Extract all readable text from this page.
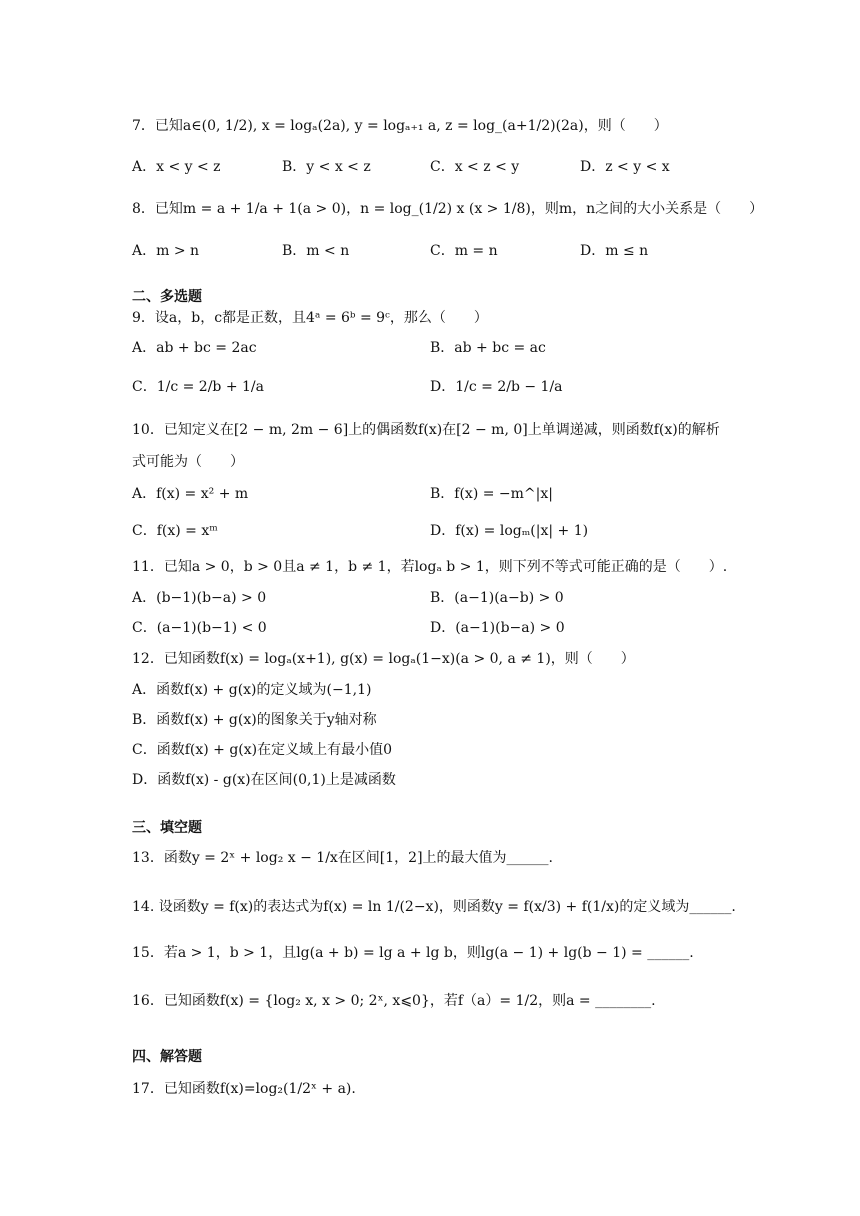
7．已知a∈(0, 1/2), x = logₐ(2a), y = logₐ₊₁ a, z = log_(a+1/2)(2a)，则（　　）
A．x < y < z	B．y < x < z	C．x < z < y	D．z < y < x
8．已知m = a + 1/a + 1(a > 0)，n = log_(1/2) x (x > 1/8)，则m，n之间的大小关系是（　　）
A．m > n	B．m < n	C．m = n	D．m ≤ n
二、多选题
9．设a，b，c都是正数，且4ᵃ = 6ᵇ = 9ᶜ，那么（　　）
A．ab + bc = 2ac	B．ab + bc = ac
C．1/c = 2/b + 1/a	D．1/c = 2/b − 1/a
10．已知定义在[2 − m, 2m − 6]上的偶函数f(x)在[2 − m, 0]上单调递减，则函数f(x)的解析
式可能为（　　）
A．f(x) = x² + m	B．f(x) = −m^|x|
C．f(x) = xᵐ	D．f(x) = logₘ(|x| + 1)
11．已知a > 0，b > 0且a ≠ 1，b ≠ 1，若logₐ b > 1，则下列不等式可能正确的是（　　）.
A．(b−1)(b−a) > 0	B．(a−1)(a−b) > 0
C．(a−1)(b−1) < 0	D．(a−1)(b−a) > 0
12．已知函数f(x) = logₐ(x+1), g(x) = logₐ(1−x)(a > 0, a ≠ 1)，则（　　）
A．函数f(x) + g(x)的定义域为(−1,1)
B．函数f(x) + g(x)的图象关于y轴对称
C．函数f(x) + g(x)在定义域上有最小值0
D．函数f(x) - g(x)在区间(0,1)上是减函数
三、填空题
13．函数y = 2ˣ + log₂ x − 1/x在区间[1，2]上的最大值为______.
14. 设函数y = f(x)的表达式为f(x) = ln 1/(2−x)，则函数y = f(x/3) + f(1/x)的定义域为______.
15．若a > 1，b > 1，且lg(a + b) = lg a + lg b，则lg(a − 1) + lg(b − 1) = ______.
16．已知函数f(x) = {log₂ x, x > 0; 2ˣ, x⩽0}，若f（a）= 1/2，则a = ________.
四、解答题
17．已知函数f(x)=log₂(1/2ˣ + a).
